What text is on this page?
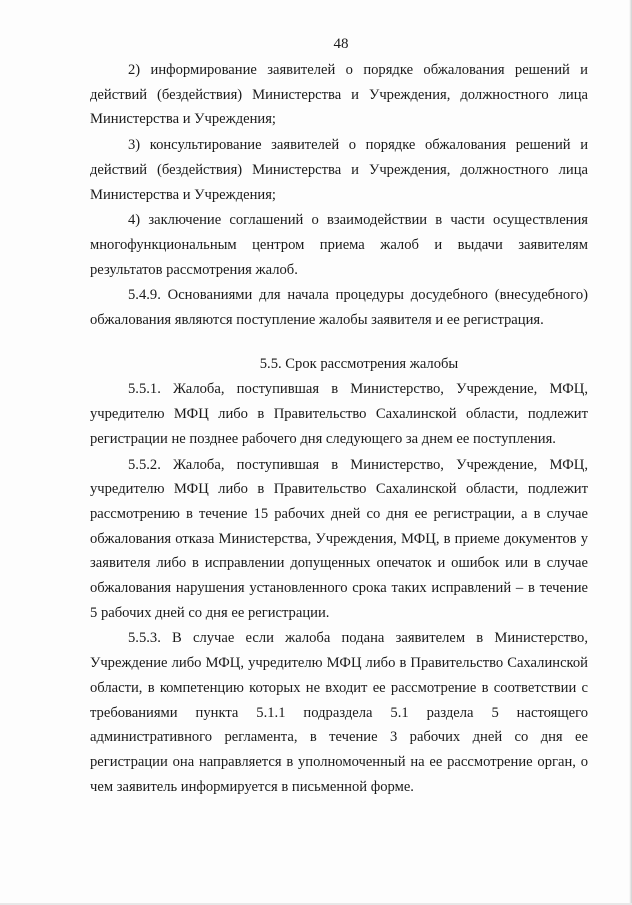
48

2) информирование заявителей о порядке обжалования решений и действий (бездействия) Министерства и Учреждения, должностного лица Министерства и Учреждения;

3) консультирование заявителей о порядке обжалования решений и действий (бездействия) Министерства и Учреждения, должностного лица Министерства и Учреждения;

4) заключение соглашений о взаимодействии в части осуществления многофункциональным центром приема жалоб и выдачи заявителям результатов рассмотрения жалоб.

5.4.9. Основаниями для начала процедуры досудебного (внесудебного) обжалования являются поступление жалобы заявителя и ее регистрация.

5.5. Срок рассмотрения жалобы

5.5.1. Жалоба, поступившая в Министерство, Учреждение, МФЦ, учредителю МФЦ либо в Правительство Сахалинской области, подлежит регистрации не позднее рабочего дня следующего за днем ее поступления.

5.5.2. Жалоба, поступившая в Министерство, Учреждение, МФЦ, учредителю МФЦ либо в Правительство Сахалинской области, подлежит рассмотрению в течение 15 рабочих дней со дня ее регистрации, а в случае обжалования отказа Министерства, Учреждения, МФЦ, в приеме документов у заявителя либо в исправлении допущенных опечаток и ошибок или в случае обжалования нарушения установленного срока таких исправлений – в течение 5 рабочих дней со дня ее регистрации.

5.5.3. В случае если жалоба подана заявителем в Министерство, Учреждение либо МФЦ, учредителю МФЦ либо в Правительство Сахалинской области, в компетенцию которых не входит ее рассмотрение в соответствии с требованиями пункта 5.1.1 подраздела 5.1 раздела 5 настоящего административного регламента, в течение 3 рабочих дней со дня ее регистрации она направляется в уполномоченный на ее рассмотрение орган, о чем заявитель информируется в письменной форме.
